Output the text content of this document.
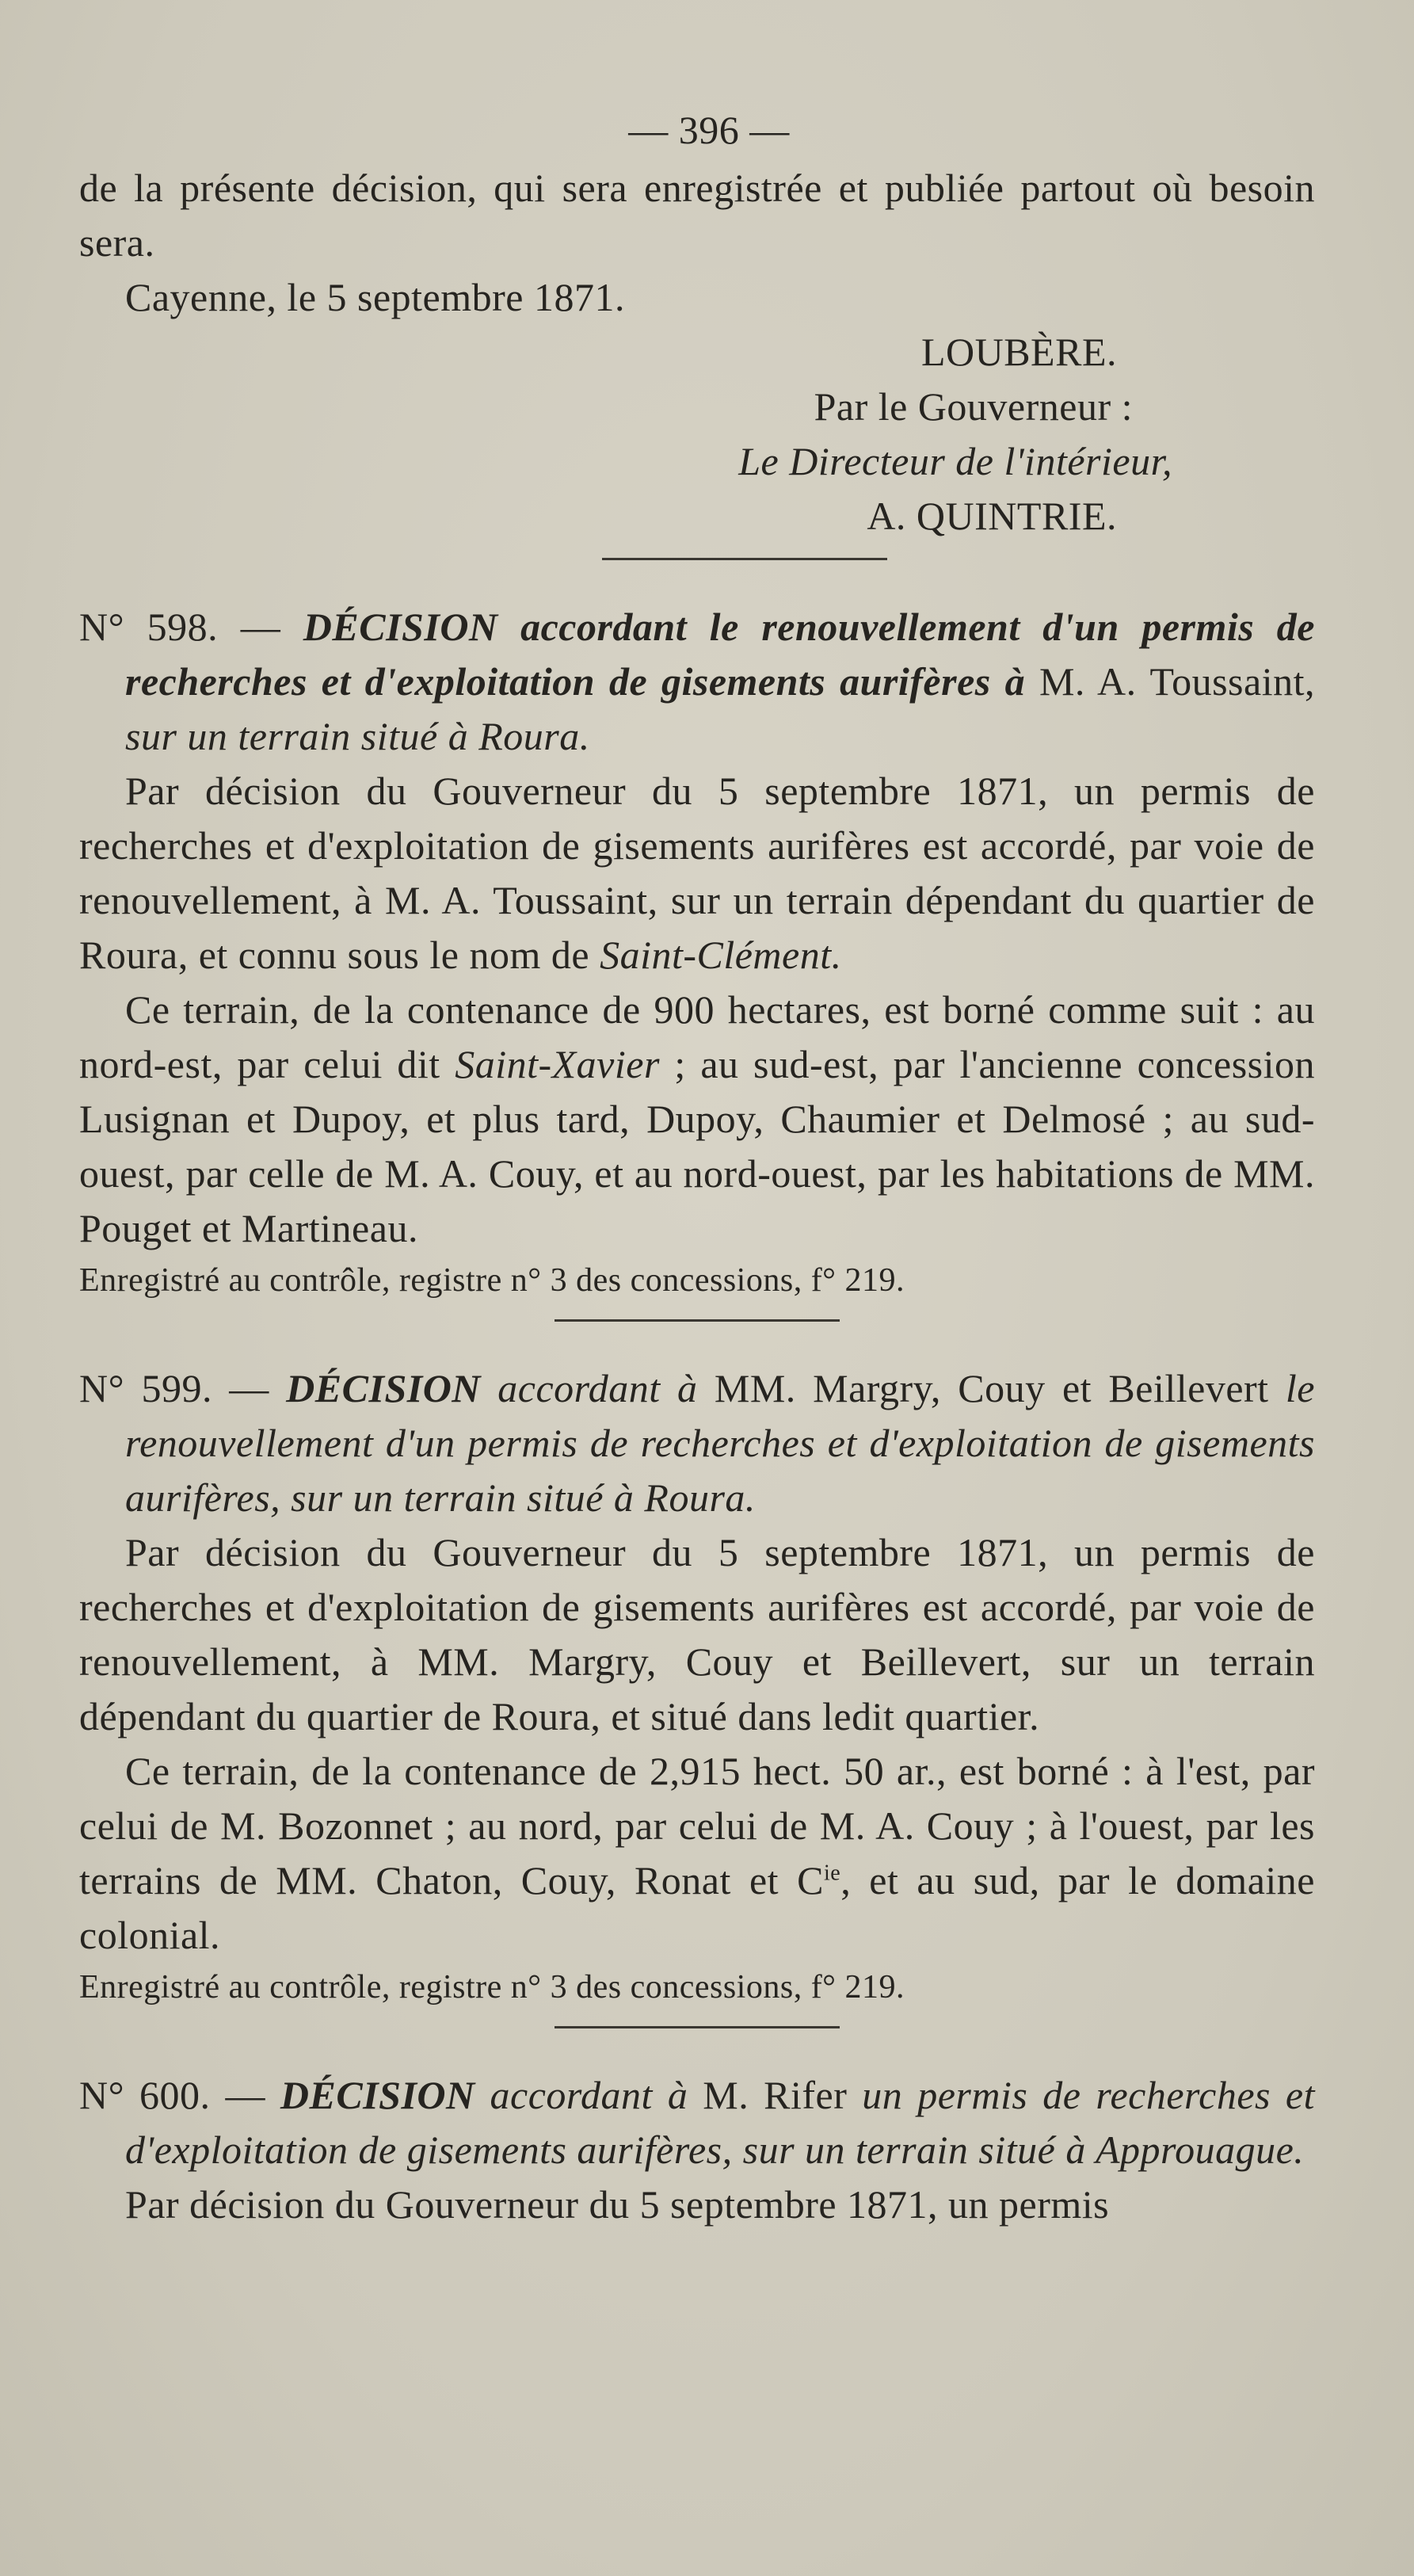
— 396 —

de la présente décision, qui sera enregistrée et publiée partout où besoin sera.

Cayenne, le 5 septembre 1871.

LOUBÈRE.

Par le Gouverneur :

Le Directeur de l'intérieur,

A. QUINTRIE.

N° 598. — DÉCISION accordant le renouvellement d'un permis de recherches et d'exploitation de gisements aurifères à M. A. Toussaint, sur un terrain situé à Roura.

Par décision du Gouverneur du 5 septembre 1871, un permis de recherches et d'exploitation de gisements aurifères est accordé, par voie de renouvellement, à M. A. Toussaint, sur un terrain dépendant du quartier de Roura, et connu sous le nom de Saint-Clément.

Ce terrain, de la contenance de 900 hectares, est borné comme suit : au nord-est, par celui dit Saint-Xavier ; au sud-est, par l'ancienne concession Lusignan et Dupoy, et plus tard, Dupoy, Chaumier et Delmosé ; au sud-ouest, par celle de M. A. Couy, et au nord-ouest, par les habitations de MM. Pouget et Martineau.

Enregistré au contrôle, registre n° 3 des concessions, f° 219.

N° 599. — DÉCISION accordant à MM. Margry, Couy et Beillevert le renouvellement d'un permis de recherches et d'exploitation de gisements aurifères, sur un terrain situé à Roura.

Par décision du Gouverneur du 5 septembre 1871, un permis de recherches et d'exploitation de gisements aurifères est accordé, par voie de renouvellement, à MM. Margry, Couy et Beillevert, sur un terrain dépendant du quartier de Roura, et situé dans ledit quartier.

Ce terrain, de la contenance de 2,915 hect. 50 ar., est borné : à l'est, par celui de M. Bozonnet ; au nord, par celui de M. A. Couy ; à l'ouest, par les terrains de MM. Chaton, Couy, Ronat et $C^{ie}$, et au sud, par le domaine colonial.

Enregistré au contrôle, registre n° 3 des concessions, f° 219.

N° 600. — DÉCISION accordant à M. Rifer un permis de recherches et d'exploitation de gisements aurifères, sur un terrain situé à Approuague.

Par décision du Gouverneur du 5 septembre 1871, un permis
